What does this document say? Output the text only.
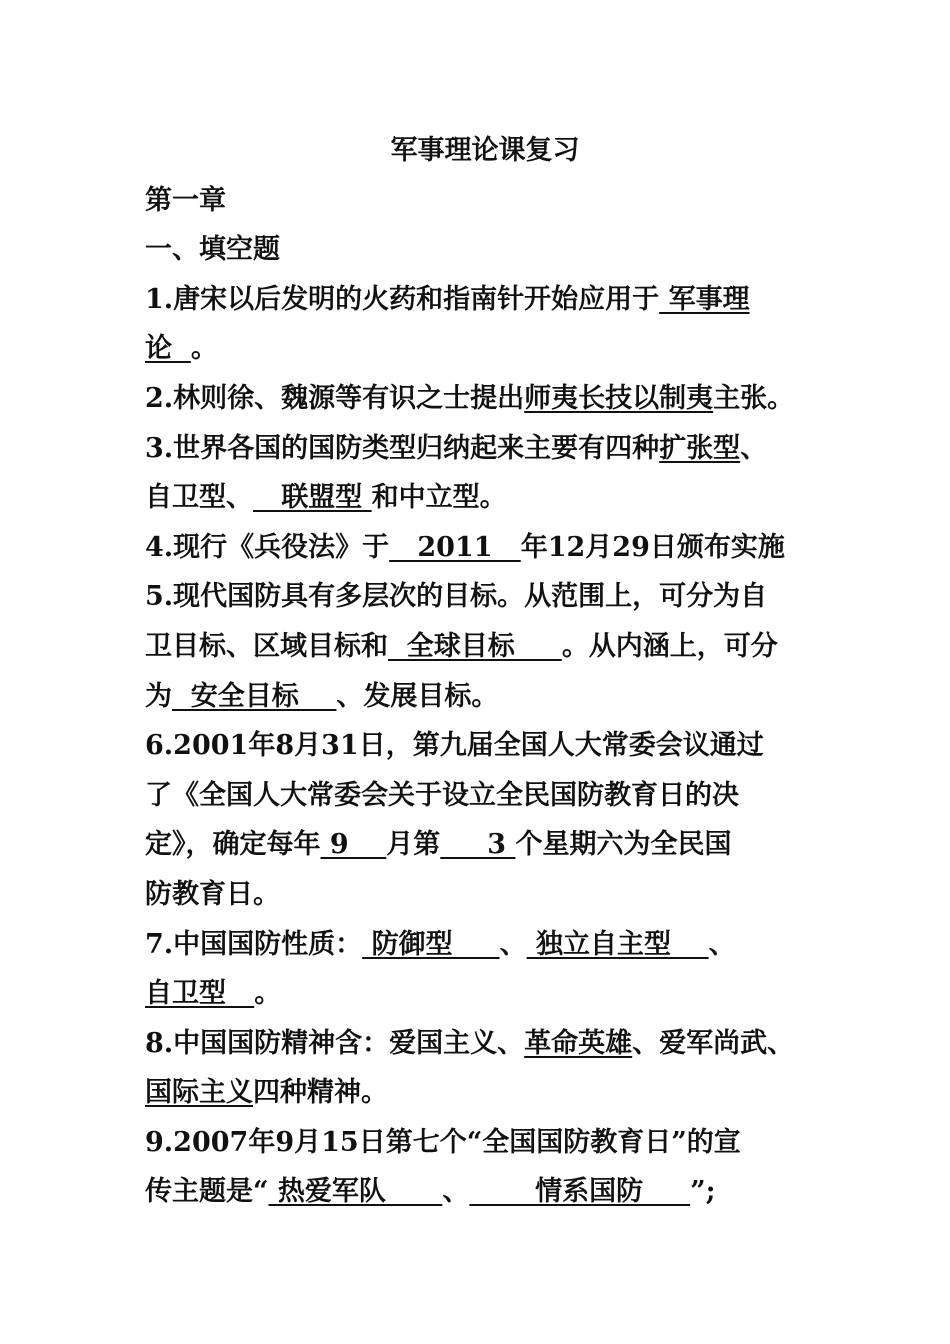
军事理论课复习

第一章

一、填空题

1.唐宋以后发明的火药和指南针开始应用于 军事理

论  。

2.林则徐、魏源等有识之士提出师夷长技以制夷主张。

3.世界各国的国防类型归纳起来主要有四种扩张型、

自卫型、   联盟型 和中立型。

4.现行《兵役法》于   2011   年12月29日颁布实施

5.现代国防具有多层次的目标。从范围上，可分为自

卫目标、区域目标和  全球目标     。从内涵上，可分

为  安全目标    、发展目标。

6.2001年8月31日，第九届全国人大常委会议通过

了《全国人大常委会关于设立全民国防教育日的决

定》，确定每年 9    月第     3 个星期六为全民国

防教育日。

7.中国国防性质： 防御型     、 独立自主型    、

自卫型   。

8.中国国防精神含：爱国主义、革命英雄、爱军尚武、

国际主义四种精神。

9.2007年9月15日第七个“全国国防教育日”的宣

传主题是“ 热爱军队      、       情系国防     ”;
